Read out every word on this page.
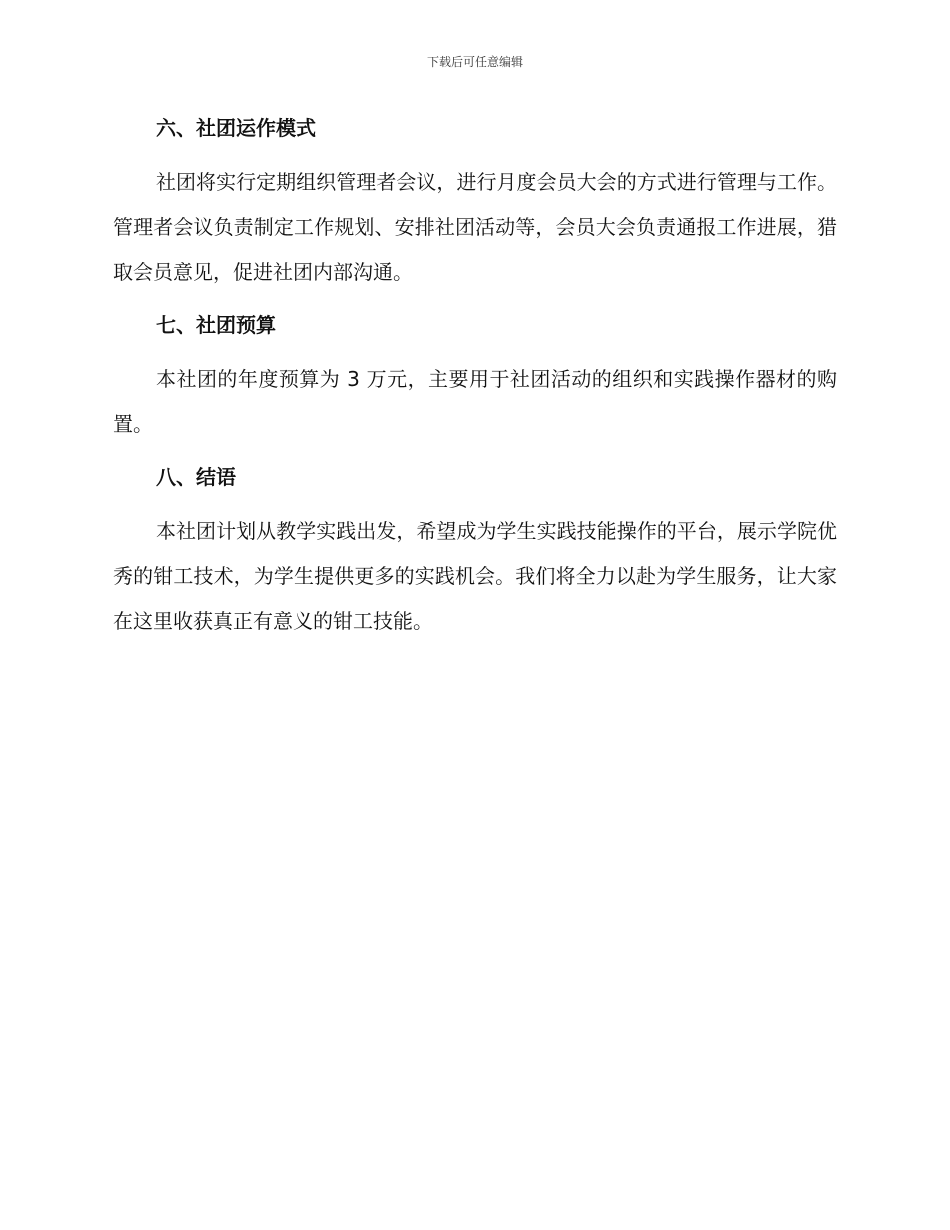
下载后可任意编辑
六、社团运作模式

社团将实行定期组织管理者会议，进行月度会员大会的方式进行管理与工作。管理者会议负责制定工作规划、安排社团活动等，会员大会负责通报工作进展，猎取会员意见，促进社团内部沟通。

七、社团预算

本社团的年度预算为 3 万元，主要用于社团活动的组织和实践操作器材的购置。

八、结语

本社团计划从教学实践出发，希望成为学生实践技能操作的平台，展示学院优秀的钳工技术，为学生提供更多的实践机会。我们将全力以赴为学生服务，让大家在这里收获真正有意义的钳工技能。
